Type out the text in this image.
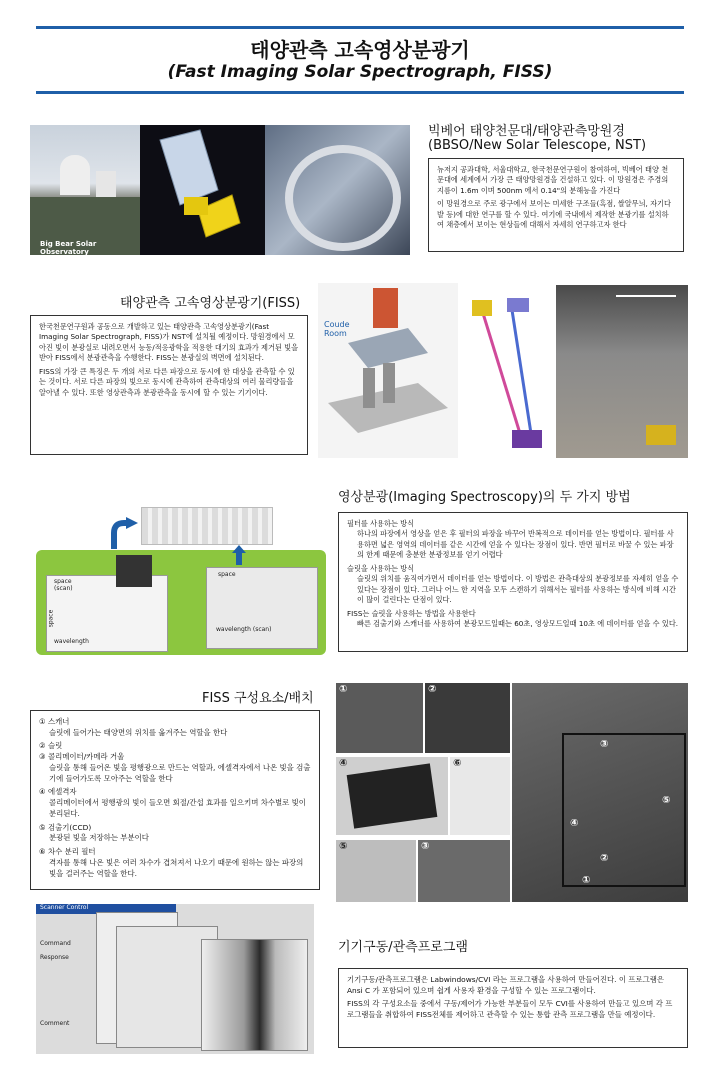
태양관측 고속영상분광기
(Fast Imaging Solar Spectrograph, FISS)
Big Bear Solar Observatory
빅베어 태양천문대/태양관측망원경
(BBSO/New Solar Telescope, NST)

뉴저지 공과대학, 서울대학교, 한국천문연구원이 참여하여, 빅베어 태양 천문대에 세계에서 가장 큰 태양망원경을 건설하고 있다. 이 망원경은 주경의 지름이 1.6m 이며 500nm 에서 0.14"의 분해능을 가진다

이 망원경으로 주로 광구에서 보이는 미세한 구조들(흑점, 쌀알무늬, 자기다발 등)에 대한 연구를 할 수 있다. 여기에 국내에서 제작한 분광기를 설치하여 채층에서 보이는 현상들에 대해서 자세히 연구하고자 한다

태양관측 고속영상분광기(FISS)

한국천문연구원과 공동으로 개발하고 있는 태양관측 고속영상분광기(Fast Imaging Solar Spectrograph, FISS)가 NST에 설치될 예정이다. 망원경에서 모아진 빛이 분광실로 내려오면서 능동/적응광학을 적용한 대기의 효과가 제거된 빛을 받아 FISS에서 분광관측을 수행한다. FISS는 분광실의 벽면에 설치된다.

FISS의 가장 큰 특징은 두 개의 서로 다른 파장으로 동시에 한 대상을 관측할 수 있는 것이다. 서로 다른 파장의 빛으로 동시에 관측하여 관측대상의 여러 물리량들을 알아낼 수 있다. 또한 영상관측과 분광관측을 동시에 할 수 있는 기기이다.

Coude
Room
영상분광(Imaging Spectroscopy)의 두 가지 방법
space
(scan)
space
wavelength
space
wavelength (scan)

필터를 사용하는 방식

하나의 파장에서 영상을 얻은 후 필터의 파장을 바꾸어 반복적으로 데이터를 얻는 방법이다. 필터를 사용하면 넓은 영역의 데이터를 같은 시간에 얻을 수 있다는 장점이 있다. 반면 필터로 바꿀 수 있는 파장의 한계 때문에 충분한 분광정보를 얻기 어렵다

슬릿을 사용하는 방식

슬릿의 위치를 움직여가면서 데이터를 얻는 방법이다. 이 방법은 관측대상의 분광정보를 자세히 얻을 수 있다는 장점이 있다. 그러나 어느 한 지역을 모두 스캔하기 위해서는 필터를 사용하는 방식에 비해 시간이 많이 걸린다는 단점이 있다.

FISS는 슬릿을 사용하는 방법을 사용한다

빠른 검출기와 스캐너를 사용하여 분광모드일때는 60초, 영상모드일때 10초 에 데이터를 얻을 수 있다.

FISS 구성요소/배치

① 스캐너

슬릿에 들어가는 태양면의 위치를 옮겨주는 역할을 한다

② 슬릿

③ 콜리메이터/카메라 거울

슬릿을 통해 들어온 빛을 평행광으로 만드는 역할과, 에셀격자에서 나온 빛을 검출기에 들어가도록 모아주는 역할을 한다

④ 에셀격자

콜리메이터에서 평행광의 빛이 들오면 회절/간섭 효과를 일으키며 차수별로 빛이 분리된다.

⑤ 검출기(CCD)

분광된 빛을 저장하는 부분이다

⑥ 차수 분리 필터

격자를 통해 나온 빛은 여러 차수가 겹쳐져서 나오기 때문에 원하는 않는 파장의 빛을 걸러주는 역할을 한다.

①	②
④	⑥
⑤	③
③
⑤
④
②
①
Scanner Control
Command
Response
Comment
기기구동/관측프로그램

기기구동/관측프로그램은 Labwindows/CVI 라는 프로그램을 사용하여 만들어진다. 이 프로그램은 Ansi C 가 포함되어 있으며 쉽게 사용자 환경을 구성할 수 있는 프로그램이다.

FISS의 각 구성요소들 중에서 구동/제어가 가능한 부분들이 모두 CVI를 사용하여 만들고 있으며 각 프로그램들을 취합하여 FISS전체를 제어하고 관측할 수 있는 통합 관측 프로그램을 만들 예정이다.
